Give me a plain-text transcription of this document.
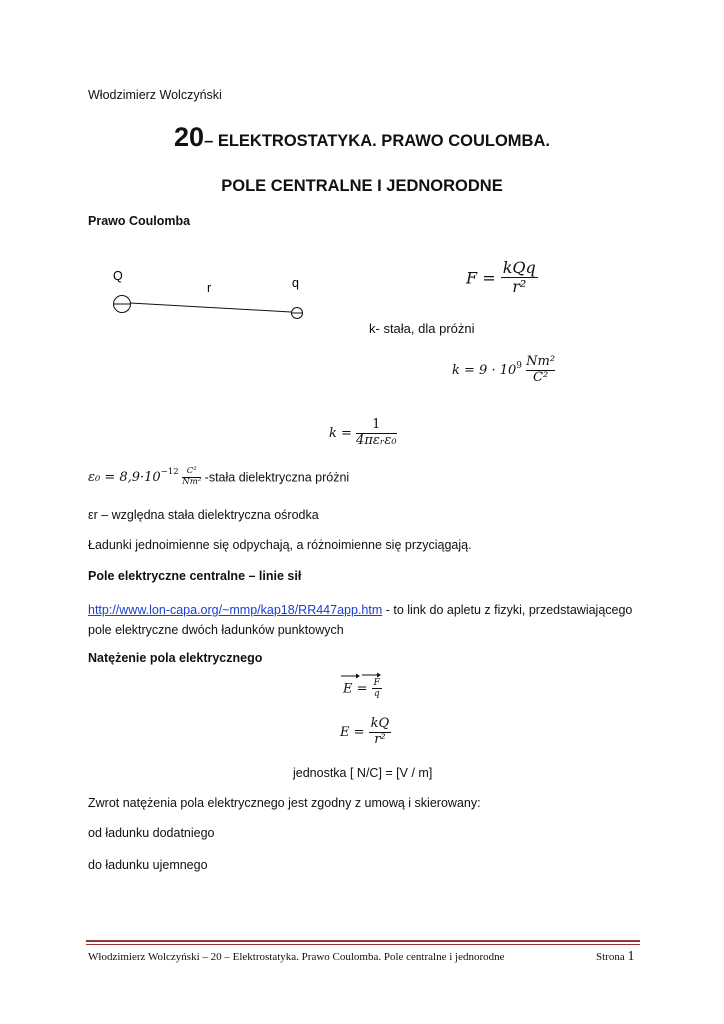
Włodzimierz Wolczyński
20– ELEKTROSTATYKA. PRAWO COULOMBA.
POLE CENTRALNE I JEDNORODNE
Prawo Coulomba
Q
r	q	$F = \frac{\text{kQq}}{\text{r²}}$
k- stała, dla próżni
$k = 9 \cdot 10^9 \frac{\text{Nm²}}{\text{C²}}$
$k = \frac{1}{\text{4πεᵣε₀}}$
$\varepsilon_0 = 8,9\cdot 10^{-12} \frac{\text{C²}}{\text{Nm²}}$ -stała dielektryczna próżni
εr – względna stała dielektryczna ośrodka
Ładunki jednoimienne się odpychają, a różnoimienne się przyciągają.
Pole elektryczne centralne – linie sił
http://www.lon-capa.org/~mmp/kap18/RR447app.htm - to link do apletu z fizyki, przedstawiającego
pole elektryczne dwóch ładunków punktowych
Natężenie pola elektrycznego
$E = \frac{F}{q}$
$E = \frac{kQ}{\text{r²}}$
jednostka [ N/C] = [V / m]
Zwrot natężenia pola elektrycznego jest zgodny z umową i skierowany:
od ładunku dodatniego
do ładunku ujemnego
Włodzimierz Wolczyński – 20 – Elektrostatyka. Prawo Coulomba. Pole centralne i jednorodne	Strona 1
